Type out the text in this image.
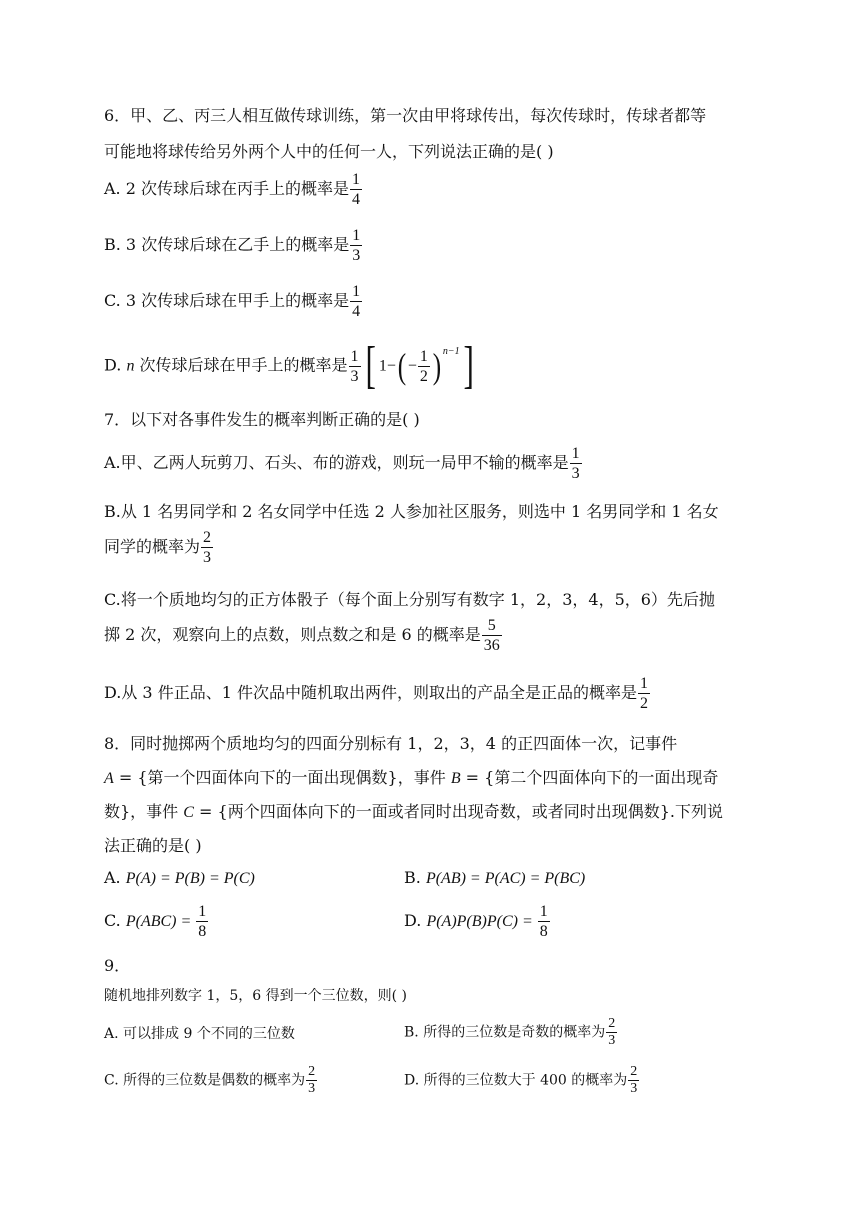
6．甲、乙、丙三人相互做传球训练，第一次由甲将球传出，每次传球时，传球者都等
可能地将球传给另外两个人中的任何一人，下列说法正确的是( )
A. 2 次传球后球在丙手上的概率是 $\frac{1}{4}$
B. 3 次传球后球在乙手上的概率是 $\frac{1}{3}$
C. 3 次传球后球在甲手上的概率是 $\frac{1}{4}$
D. n 次传球后球在甲手上的概率是 $\frac{1}{3}$ [ $1-( - \frac{1}{2}$ ) $^{n-1}$]
7．以下对各事件发生的概率判断正确的是( )
A.甲、乙两人玩剪刀、石头、布的游戏，则玩一局甲不输的概率是 $\frac{1}{3}$
B.从 1 名男同学和 2 名女同学中任选 2 人参加社区服务，则选中 1 名男同学和 1 名女
同学的概率为 $\frac{2}{3}$
C.将一个质地均匀的正方体骰子（每个面上分别写有数字 1，2，3，4，5，6）先后抛
掷 2 次，观察向上的点数，则点数之和是 6 的概率是 $\frac{5}{36}$
D.从 3 件正品、1 件次品中随机取出两件，则取出的产品全是正品的概率是 $\frac{1}{2}$
8．同时抛掷两个质地均匀的四面分别标有 1，2，3，4 的正四面体一次，记事件
A = {第一个四面体向下的一面出现偶数}，事件 B = {第二个四面体向下的一面出现奇
数}，事件 C = {两个四面体向下的一面或者同时出现奇数，或者同时出现偶数}.下列说
法正确的是( )
A. P(A) = P(B) = P(C)	B. P(AB) = P(AC) = P(BC)
C. $P(ABC) = \frac{1}{8}$	D. $P(A)P(B)P(C) = \frac{1}{8}$
9．
随机地排列数字 1，5，6 得到一个三位数，则( )
A. 可以排成 9 个不同的三位数	B. 所得的三位数是奇数的概率为 $\frac{2}{3}$
C. 所得的三位数是偶数的概率为 $\frac{2}{3}$	D. 所得的三位数大于 400 的概率为 $\frac{2}{3}$
